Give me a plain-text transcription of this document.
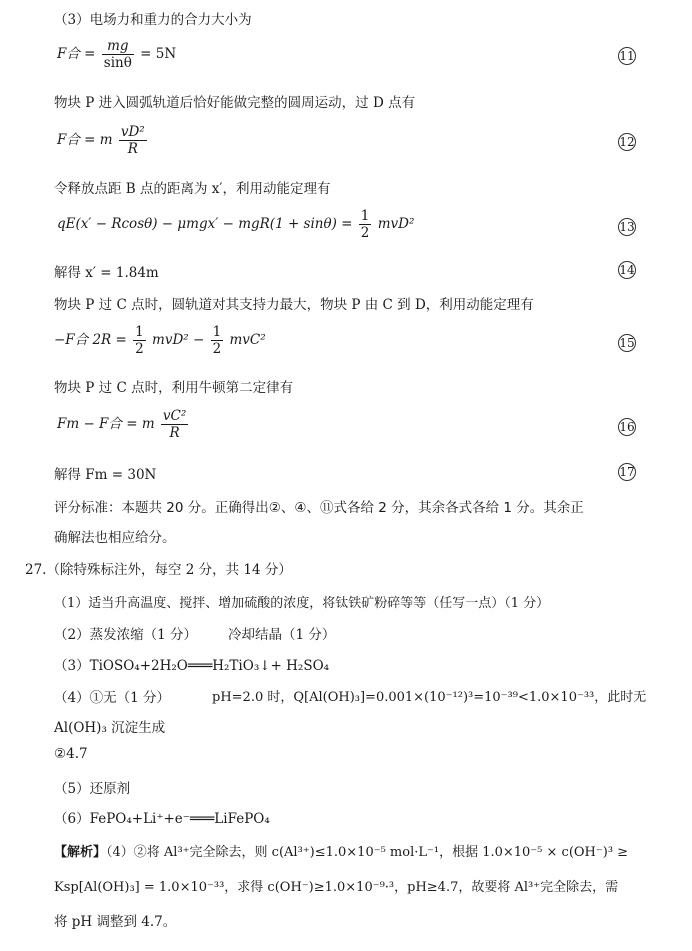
（3）电场力和重力的合力大小为
F合 = $\frac{mg}{\sin\theta} = 5N$	11
物块 P 进入圆弧轨道后恰好能做完整的圆周运动，过 D 点有
F合 = m $\frac{\text{vD²}}{R}$	12
令释放点距 B 点的距离为 x′，利用动能定理有
$qE(x' - Rcos\theta) - \mu mgx' - mgR(1 + \sin\theta) = \frac{1}{2} mvD^2$	13
解得 x′ = 1.84m	14
物块 P 过 C 点时，圆轨道对其支持力最大，物块 P 由 C 到 D，利用动能定理有
−F合 $2R = \frac{1}{2} mvD^2 - \frac{1}{2} mvC^2$	15
物块 P 过 C 点时，利用牛顿第二定律有
Fm − F合 = m $\frac{\text{vC²}}{R}$	16
解得 Fm = 30N	17
评分标准：本题共 20 分。正确得出②、④、⑪式各给 2 分，其余各式各给 1 分。其余正
确解法也相应给分。
27.（除特殊标注外，每空 2 分，共 14 分）
（1）适当升高温度、搅拌、增加硫酸的浓度，将钛铁矿粉碎等等（任写一点）（1 分）
（2）蒸发浓缩（1 分） 冷却结晶（1 分）
（3）TiOSO₄+2H₂O═══H₂TiO₃↓+ H₂SO₄
（4）①无（1 分）	pH=2.0 时，Q[Al(OH)₃]=0.001×(10⁻¹²)³=10⁻³⁹<1.0×10⁻³³，此时无
Al(OH)₃ 沉淀生成
②4.7
（5）还原剂
（6）FePO₄+Li⁺+e⁻═══LiFePO₄
【解析】（4）②将 Al³⁺完全除去，则 c(Al³⁺)≤1.0×10⁻⁵ mol·L⁻¹，根据 1.0×10⁻⁵ × c(OH⁻)³ ≥
Ksp[Al(OH)₃] = 1.0×10⁻³³，求得 c(OH⁻)≥1.0×10⁻⁹·³，pH≥4.7，故要将 Al³⁺完全除去，需
将 pH 调整到 4.7。
